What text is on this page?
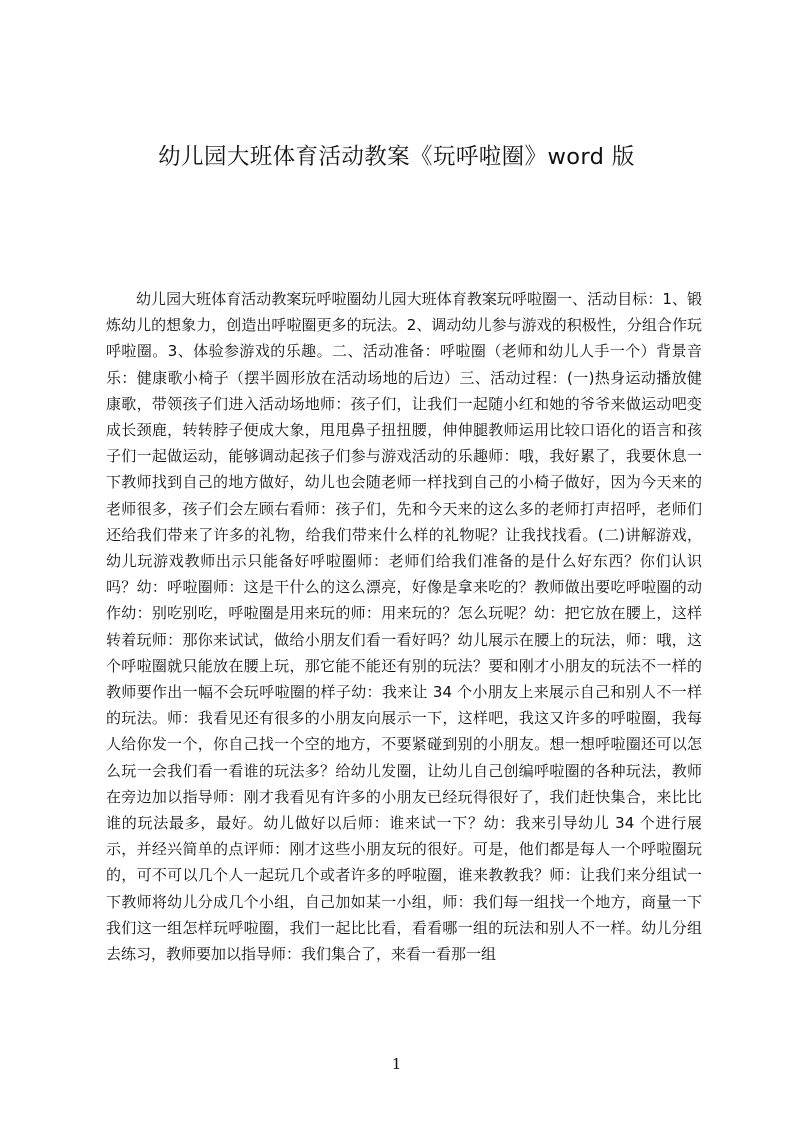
幼儿园大班体育活动教案《玩呼啦圈》word 版

幼儿园大班体育活动教案玩呼啦圈幼儿园大班体育教案玩呼啦圈一、活动目标：1、锻炼幼儿的想象力，创造出呼啦圈更多的玩法。2、调动幼儿参与游戏的积极性，分组合作玩呼啦圈。3、体验参游戏的乐趣。二、活动准备：呼啦圈（老师和幼儿人手一个）背景音乐：健康歌小椅子（摆半圆形放在活动场地的后边）三、活动过程：(一)热身运动播放健康歌，带领孩子们进入活动场地师：孩子们，让我们一起随小红和她的爷爷来做运动吧变成长颈鹿，转转脖子便成大象，甩甩鼻子扭扭腰，伸伸腿教师运用比较口语化的语言和孩子们一起做运动，能够调动起孩子们参与游戏活动的乐趣师：哦，我好累了，我要休息一下教师找到自己的地方做好，幼儿也会随老师一样找到自己的小椅子做好，因为今天来的老师很多，孩子们会左顾右看师：孩子们，先和今天来的这么多的老师打声招呼，老师们还给我们带来了许多的礼物，给我们带来什么样的礼物呢？让我找找看。(二)讲解游戏，幼儿玩游戏教师出示只能备好呼啦圈师：老师们给我们准备的是什么好东西？你们认识吗？幼：呼啦圈师：这是干什么的这么漂亮，好像是拿来吃的？教师做出要吃呼啦圈的动作幼：别吃别吃，呼啦圈是用来玩的师：用来玩的？怎么玩呢？幼：把它放在腰上，这样转着玩师：那你来试试，做给小朋友们看一看好吗？幼儿展示在腰上的玩法，师：哦，这个呼啦圈就只能放在腰上玩，那它能不能还有别的玩法？要和刚才小朋友的玩法不一样的教师要作出一幅不会玩呼啦圈的样子幼：我来让 34 个小朋友上来展示自己和别人不一样的玩法。师：我看见还有很多的小朋友向展示一下，这样吧，我这又许多的呼啦圈，我每人给你发一个，你自己找一个空的地方，不要紧碰到别的小朋友。想一想呼啦圈还可以怎么玩一会我们看一看谁的玩法多？给幼儿发圈，让幼儿自己创编呼啦圈的各种玩法，教师在旁边加以指导师：刚才我看见有许多的小朋友已经玩得很好了，我们赶快集合，来比比谁的玩法最多，最好。幼儿做好以后师：谁来试一下？幼：我来引导幼儿 34 个进行展示，并经兴简单的点评师：刚才这些小朋友玩的很好。可是，他们都是每人一个呼啦圈玩的，可不可以几个人一起玩几个或者许多的呼啦圈，谁来教教我？师：让我们来分组试一下教师将幼儿分成几个小组，自己加如某一小组，师：我们每一组找一个地方，商量一下我们这一组怎样玩呼啦圈，我们一起比比看，看看哪一组的玩法和别人不一样。幼儿分组去练习，教师要加以指导师：我们集合了，来看一看那一组

1
